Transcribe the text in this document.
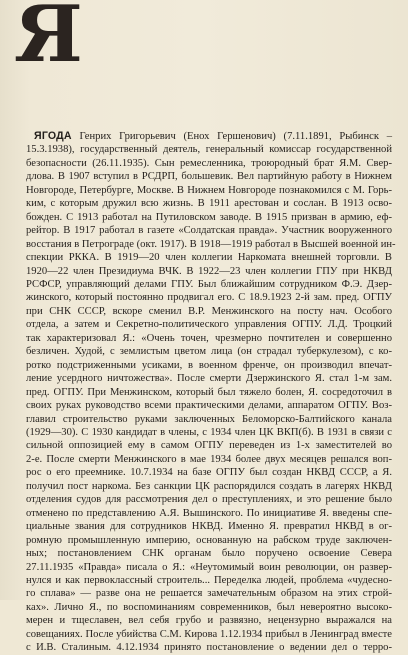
Я
ЯГОДА Генрих Григорьевич (Енох Гершенович) (7.11.1891, Рыбинск –
15.3.1938), государственный деятель, генеральный комиссар государственной
безопасности (26.11.1935). Сын ремесленника, троюродный брат Я.М. Свер-
длова. В 1907 вступил в РСДРП, большевик. Вел партийную работу в Нижнем
Новгороде, Петербурге, Москве. В Нижнем Новгороде познакомился с М. Горь-
ким, с которым дружил всю жизнь. В 1911 арестован и сослан. В 1913 осво-
божден. С 1913 работал на Путиловском заводе. В 1915 призван в армию, еф-
рейтор. В 1917 работал в газете «Солдатская правда». Участник вооруженного
восстания в Петрограде (окт. 1917). В 1918—1919 работал в Высшей военной ин-
спекции РККА. В 1919—20 член коллегии Наркомата внешней торговли. В
1920—22 член Президиума ВЧК. В 1922—23 член коллегии ГПУ при НКВД
РСФСР, управляющий делами ГПУ. Был ближайшим сотрудником Ф.Э. Дзер-
жинского, который постоянно продвигал его. С 18.9.1923 2-й зам. пред. ОГПУ
при СНК СССР, вскоре сменил В.Р. Менжинского на посту нач. Особого
отдела, а затем и Секретно-политического управления ОГПУ. Л.Д. Троцкий
так характеризовал Я.: «Очень точен, чрезмерно почтителен и совершенно
безличен. Худой, с землистым цветом лица (он страдал туберкулезом), с ко-
ротко подстриженными усиками, в военном френче, он производил впечат-
ление усердного ничтожества». После смерти Дзержинского Я. стал 1-м зам.
пред. ОГПУ. При Менжинском, который был тяжело болен, Я. сосредоточил в
своих руках руководство всеми практическими делами, аппаратом ОГПУ. Воз-
главил строительство руками заключенных Беломорско-Балтийского канала
(1929—30). С 1930 кандидат в члены, с 1934 член ЦК ВКП(б). В 1931 в связи с
сильной оппозицией ему в самом ОГПУ переведен из 1-х заместителей во
2-е. После смерти Менжинского в мае 1934 более двух месяцев решался воп-
рос о его преемнике. 10.7.1934 на базе ОГПУ был создан НКВД СССР, а Я.
получил пост наркома. Без санкции ЦК распорядился создать в лагерях НКВД
отделения судов для рассмотрения дел о преступлениях, и это решение было
отменено по представлению А.Я. Вышинского. По инициативе Я. введены спе-
циальные звания для сотрудников НКВД. Именно Я. превратил НКВД в ог-
ромную промышленную империю, основанную на рабском труде заключен-
ных; постановлением СНК органам было поручено освоение Севера
27.11.1935 «Правда» писала о Я.: «Неутомимый воин революции, он развер-
нулся и как первоклассный строитель... Переделка людей, проблема «чудесно-
го сплава» — разве она не решается замечательным образом на этих строй-
ках». Лично Я., по воспоминаниям современников, был невероятно высоко-
мерен и тщеславен, вел себя грубо и развязно, нецензурно выражался на
совещаниях. После убийства С.М. Кирова 1.12.1934 прибыл в Ленинград вместе
с И.В. Сталиным. 4.12.1934 принято постановление о ведении дел о терро-
